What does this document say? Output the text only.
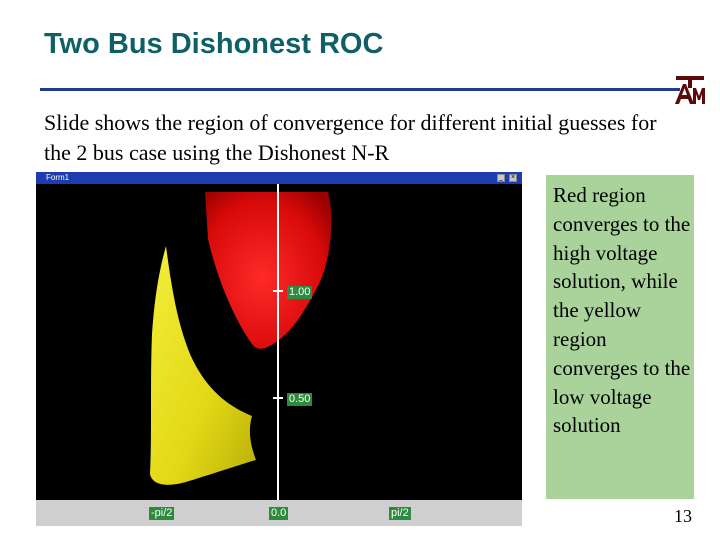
Two Bus Dishonest ROC
Slide shows the region of convergence for different initial guesses for the 2 bus case using the Dishonest N-R
Form1	_ ×
1.00
0.50
-pi/2	0.0	pi/2
Red region converges to the high voltage solution, while the yellow region converges to the low voltage solution
13
